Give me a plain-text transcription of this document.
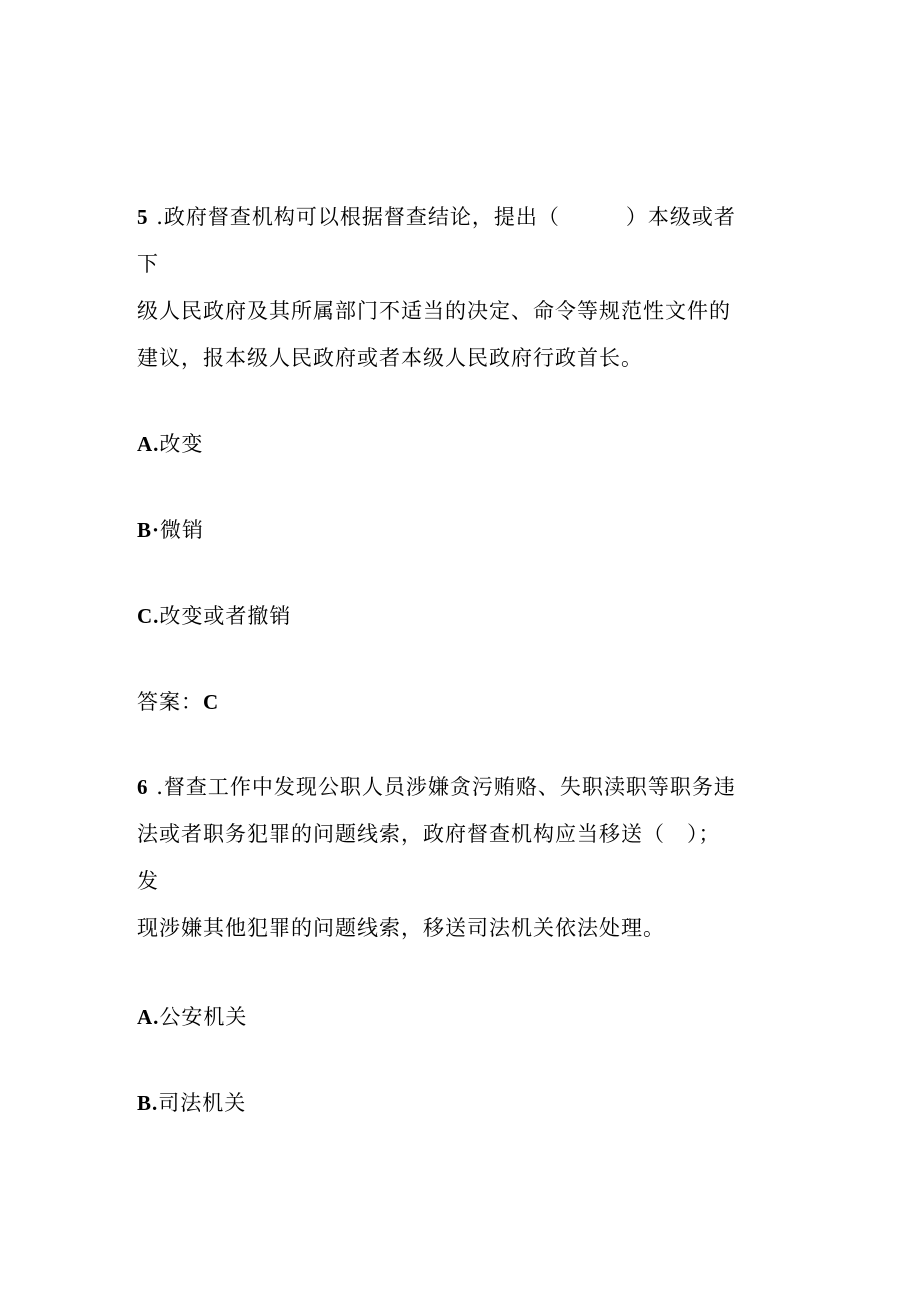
5 .政府督查机构可以根据督查结论，提出（　　　）本级或者
下
级人民政府及其所属部门不适当的决定、命令等规范性文件的
建议，报本级人民政府或者本级人民政府行政首长。
A.改变
B·微销
C.改变或者撤销
答案：C
6 .督查工作中发现公职人员涉嫌贪污贿赂、失职渎职等职务违
法或者职务犯罪的问题线索，政府督查机构应当移送（　）；
发
现涉嫌其他犯罪的问题线索，移送司法机关依法处理。
A.公安机关
B.司法机关
